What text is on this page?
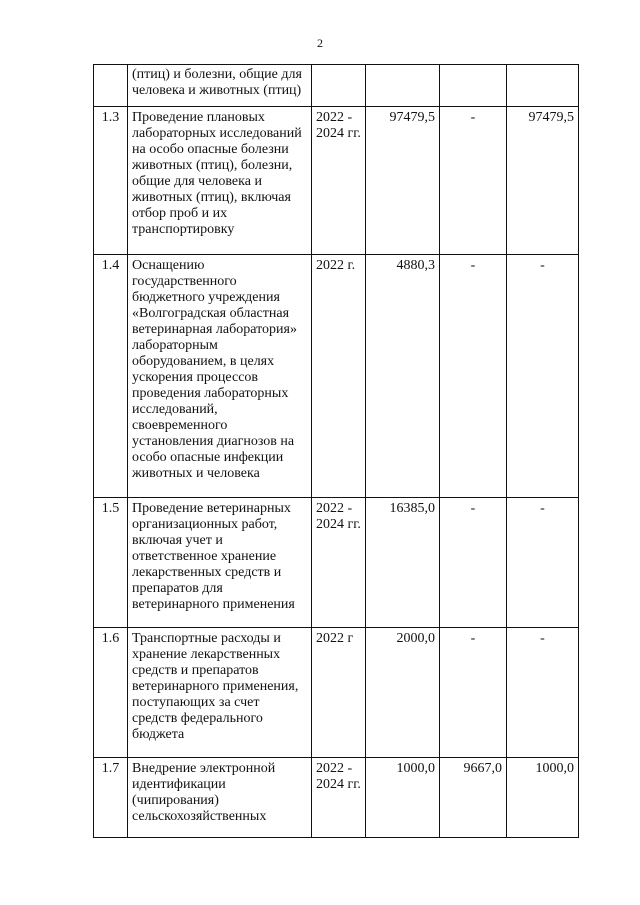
2
	(птиц) и болезни, общие для человека и животных (птиц)				
1.3	Проведение плановых лабораторных исследований на особо опасные болезни животных (птиц), болезни, общие для человека и животных (птиц), включая отбор проб и их транспортировку	2022 - 2024 гг.	97479,5	-	97479,5
1.4	Оснащению государственного бюджетного учреждения «Волгоградская областная ветеринарная лаборатория» лабораторным оборудованием, в целях ускорения процессов проведения лабораторных исследований, своевременного установления диагнозов на особо опасные инфекции животных и человека	2022 г.	4880,3	-	-
1.5	Проведение ветеринарных организационных работ, включая учет и ответственное хранение лекарственных средств и препаратов для ветеринарного применения	2022 - 2024 гг.	16385,0	-	-
1.6	Транспортные расходы и хранение лекарственных средств и препаратов ветеринарного применения, поступающих за счет средств федерального бюджета	2022 г	2000,0	-	-
1.7	Внедрение электронной идентификации (чипирования) сельскохозяйственных	2022 - 2024 гг.	1000,0	9667,0	1000,0
